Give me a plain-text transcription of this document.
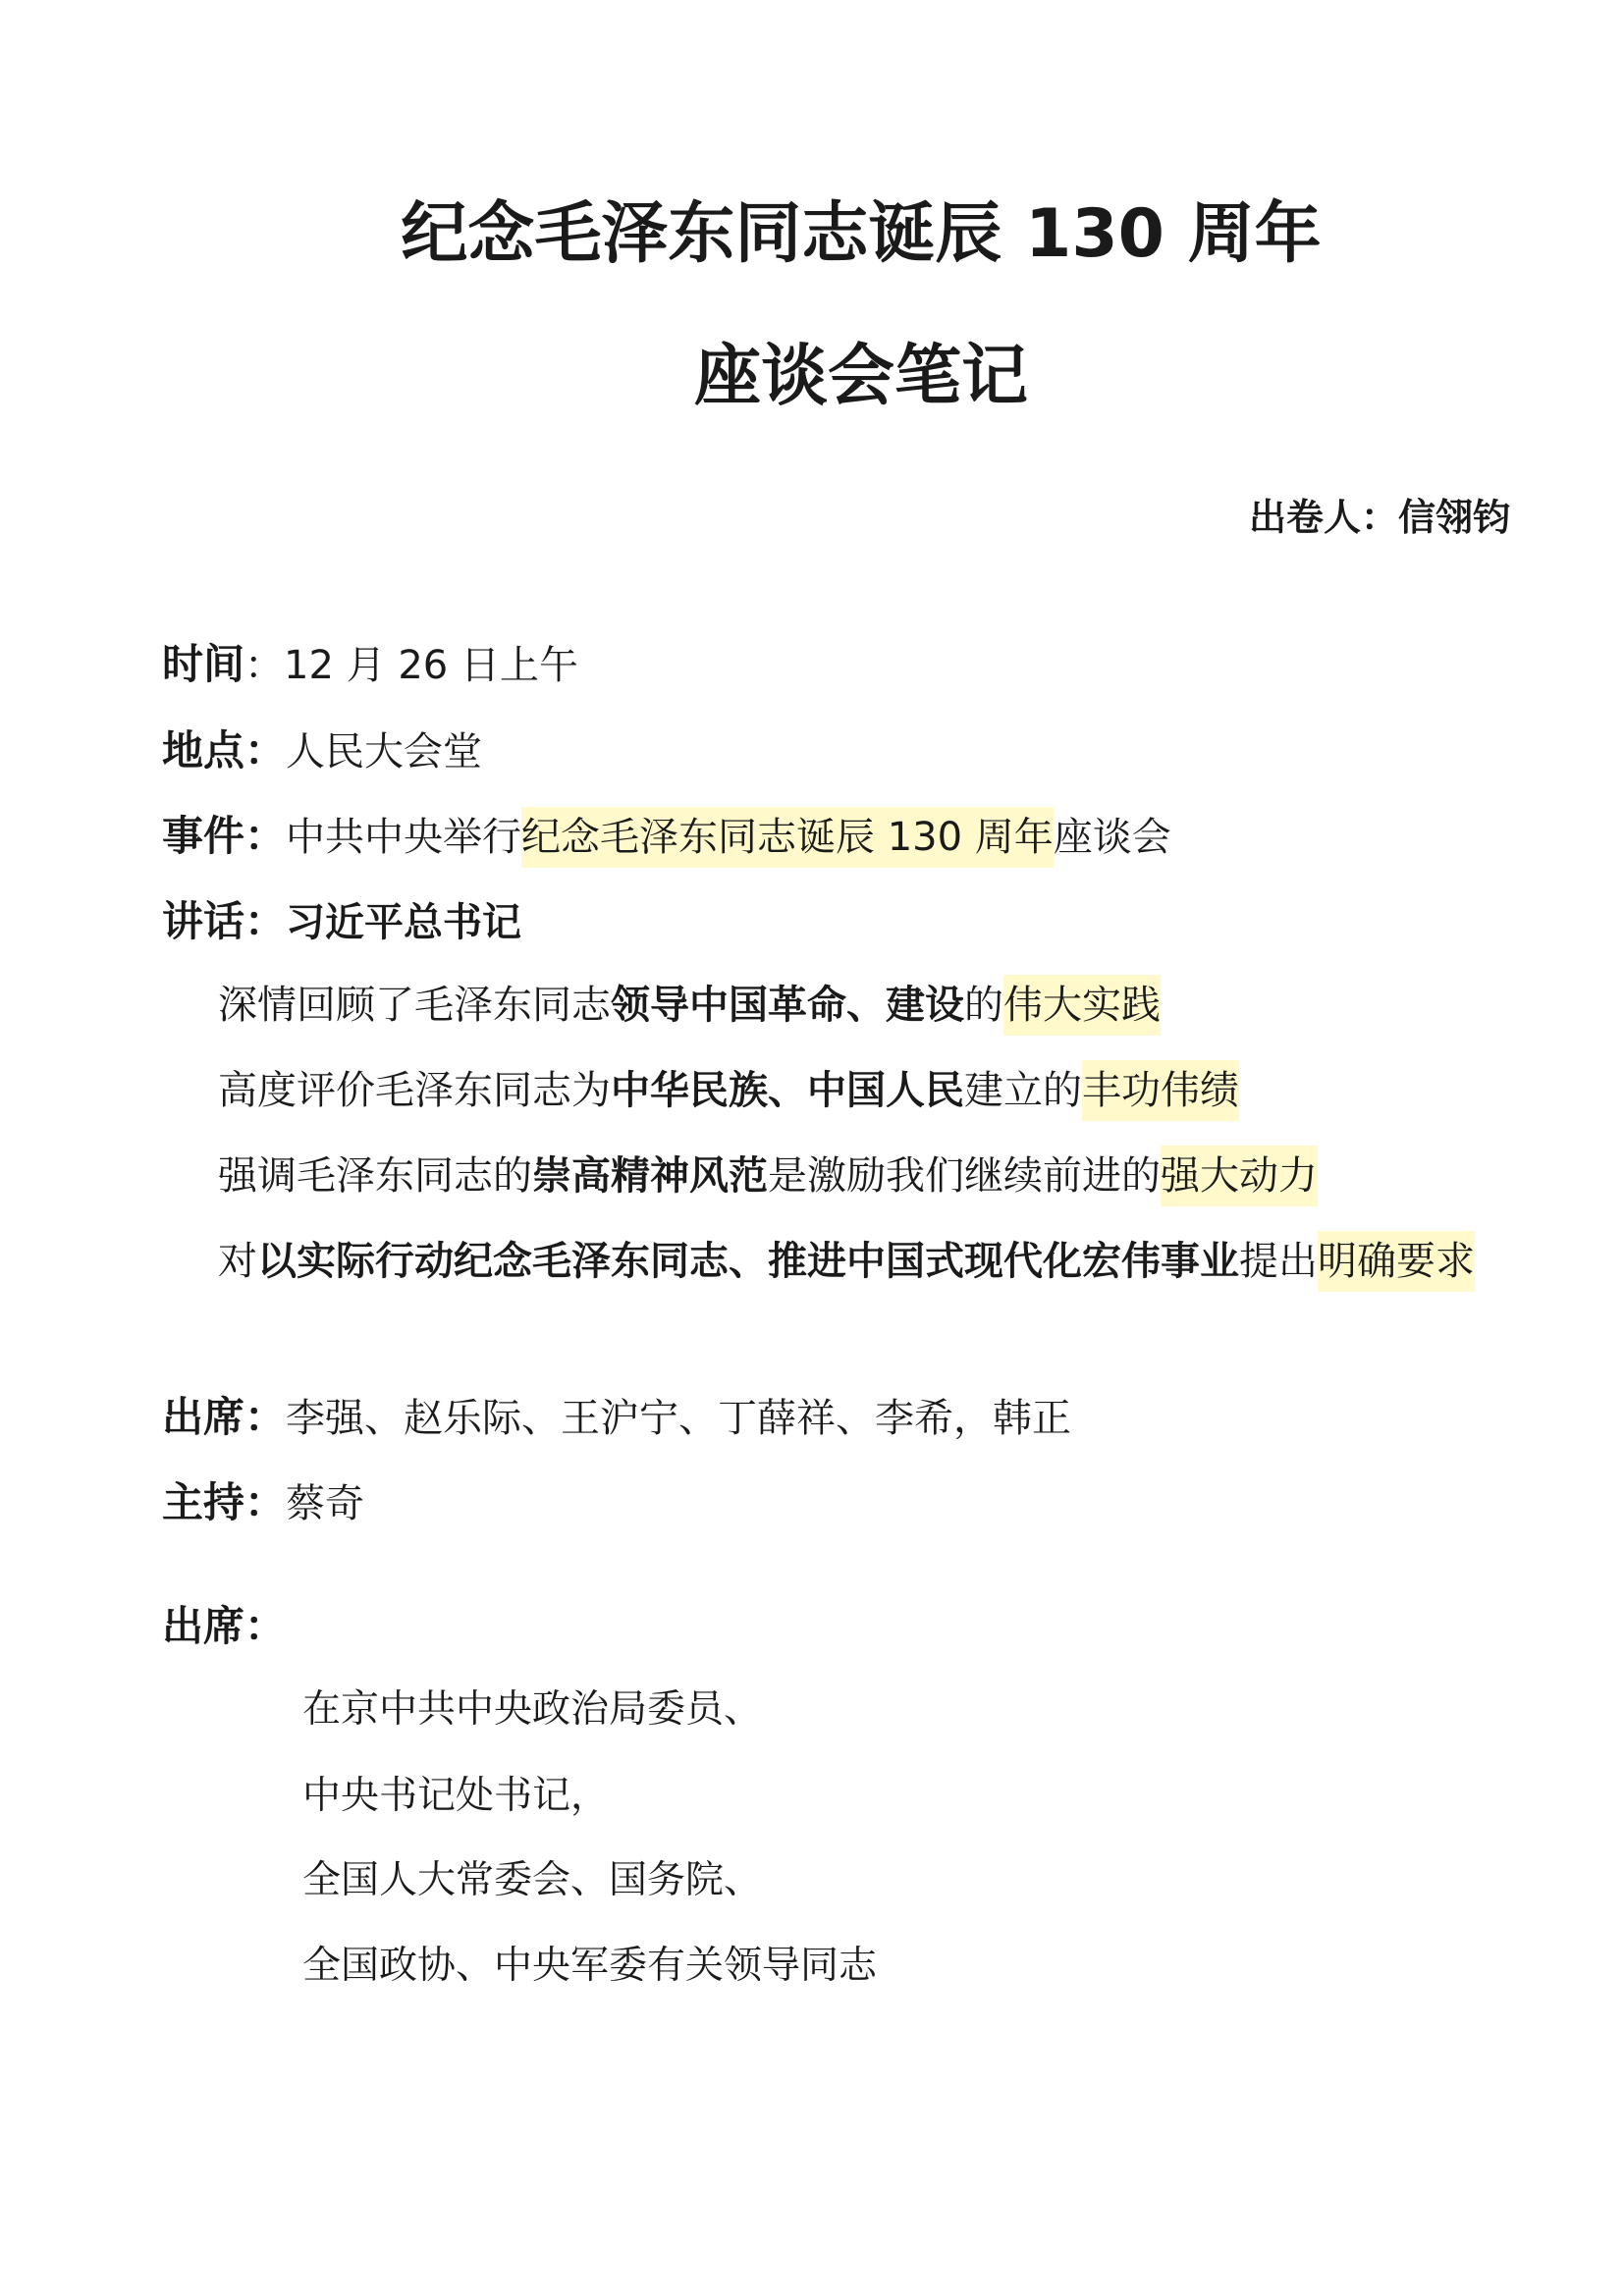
纪念毛泽东同志诞辰 130 周年
座谈会笔记
出卷人：信翎钧
时间：12 月 26 日上午
地点：人民大会堂
事件：中共中央举行纪念毛泽东同志诞辰 130 周年座谈会
讲话：习近平总书记
深情回顾了毛泽东同志领导中国革命、建设的伟大实践
高度评价毛泽东同志为中华民族、中国人民建立的丰功伟绩
强调毛泽东同志的崇高精神风范是激励我们继续前进的强大动力
对以实际行动纪念毛泽东同志、推进中国式现代化宏伟事业提出明确要求
出席：李强、赵乐际、王沪宁、丁薛祥、李希，韩正
主持：蔡奇
出席：
在京中共中央政治局委员、
中央书记处书记，
全国人大常委会、国务院、
全国政协、中央军委有关领导同志
